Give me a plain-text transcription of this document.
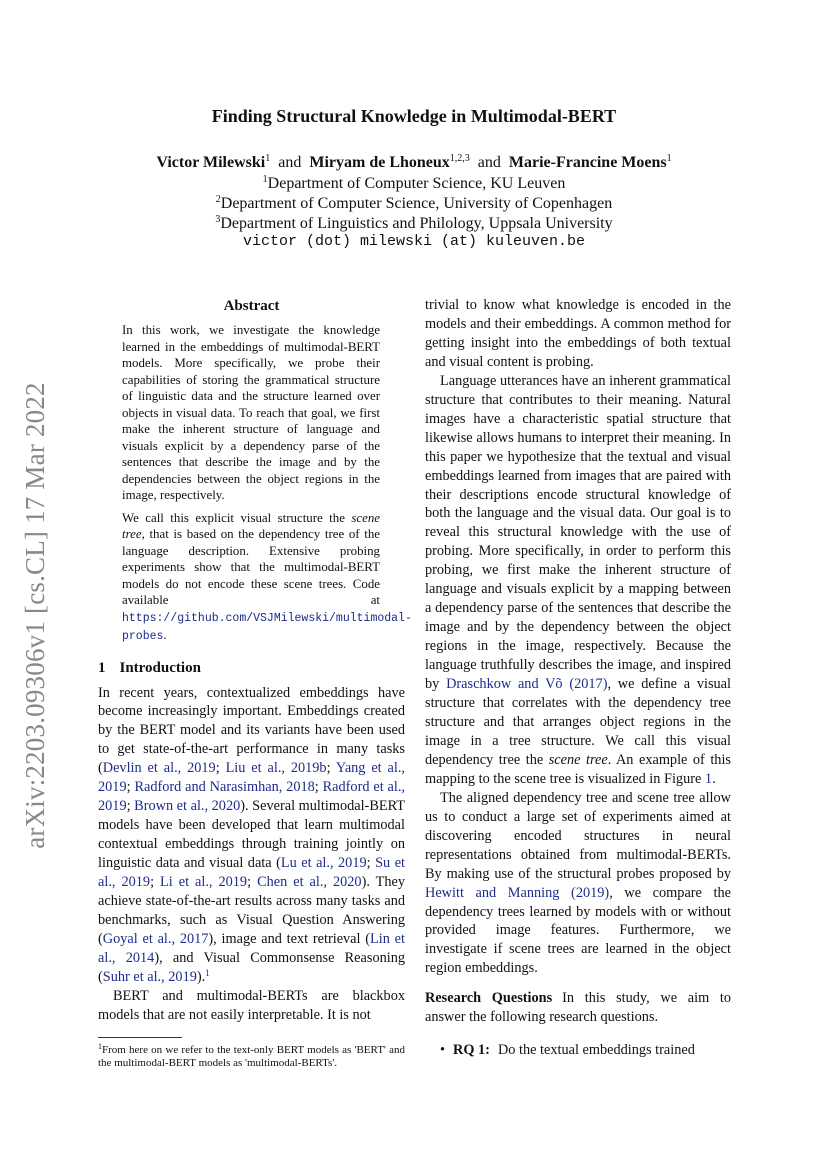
arXiv:2203.09306v1 [cs.CL] 17 Mar 2022
Finding Structural Knowledge in Multimodal-BERT
Victor Milewski$^1$ and Miryam de Lhoneux$^{1,2,3}$ and Marie-Francine Moens$^1$
$^1$Department of Computer Science, KU Leuven
$^2$Department of Computer Science, University of Copenhagen
$^3$Department of Linguistics and Philology, Uppsala University
victor (dot) milewski (at) kuleuven.be
Abstract

In this work, we investigate the knowledge learned in the embeddings of multimodal-BERT models. More specifically, we probe their capabilities of storing the grammatical structure of linguistic data and the structure learned over objects in visual data. To reach that goal, we first make the inherent structure of language and visuals explicit by a dependency parse of the sentences that describe the image and by the dependencies between the object regions in the image, respectively.

We call this explicit visual structure the scene tree, that is based on the dependency tree of the language description. Extensive probing experiments show that the multimodal-BERT models do not encode these scene trees. Code available at https://github.com/VSJMilewski/multimodal-probes.

1 Introduction

In recent years, contextualized embeddings have become increasingly important. Embeddings created by the BERT model and its variants have been used to get state-of-the-art performance in many tasks (Devlin et al., 2019; Liu et al., 2019b; Yang et al., 2019; Radford and Narasimhan, 2018; Radford et al., 2019; Brown et al., 2020). Several multimodal-BERT models have been developed that learn multimodal contextual embeddings through training jointly on linguistic data and visual data (Lu et al., 2019; Su et al., 2019; Li et al., 2019; Chen et al., 2020). They achieve state-of-the-art results across many tasks and benchmarks, such as Visual Question Answering (Goyal et al., 2017), image and text retrieval (Lin et al., 2014), and Visual Commonsense Reasoning (Suhr et al., 2019).$^1$

BERT and multimodal-BERTs are blackbox models that are not easily interpretable. It is not

$^1$From here on we refer to the text-only BERT models as 'BERT' and the multimodal-BERT models as 'multimodal-BERTs'.

trivial to know what knowledge is encoded in the models and their embeddings. A common method for getting insight into the embeddings of both textual and visual content is probing.

Language utterances have an inherent grammatical structure that contributes to their meaning. Natural images have a characteristic spatial structure that likewise allows humans to interpret their meaning. In this paper we hypothesize that the textual and visual embeddings learned from images that are paired with their descriptions encode structural knowledge of both the language and the visual data. Our goal is to reveal this structural knowledge with the use of probing. More specifically, in order to perform this probing, we first make the inherent structure of language and visuals explicit by a mapping between a dependency parse of the sentences that describe the image and by the dependency between the object regions in the image, respectively. Because the language truthfully describes the image, and inspired by Draschkow and Võ (2017), we define a visual structure that correlates with the dependency tree structure and that arranges object regions in the image in a tree structure. We call this visual dependency tree the scene tree. An example of this mapping to the scene tree is visualized in Figure 1.

The aligned dependency tree and scene tree allow us to conduct a large set of experiments aimed at discovering encoded structures in neural representations obtained from multimodal-BERTs. By making use of the structural probes proposed by Hewitt and Manning (2019), we compare the dependency trees learned by models with or without provided image features. Furthermore, we investigate if scene trees are learned in the object region embeddings.

Research Questions In this study, we aim to answer the following research questions.

• RQ 1: Do the textual embeddings trained
